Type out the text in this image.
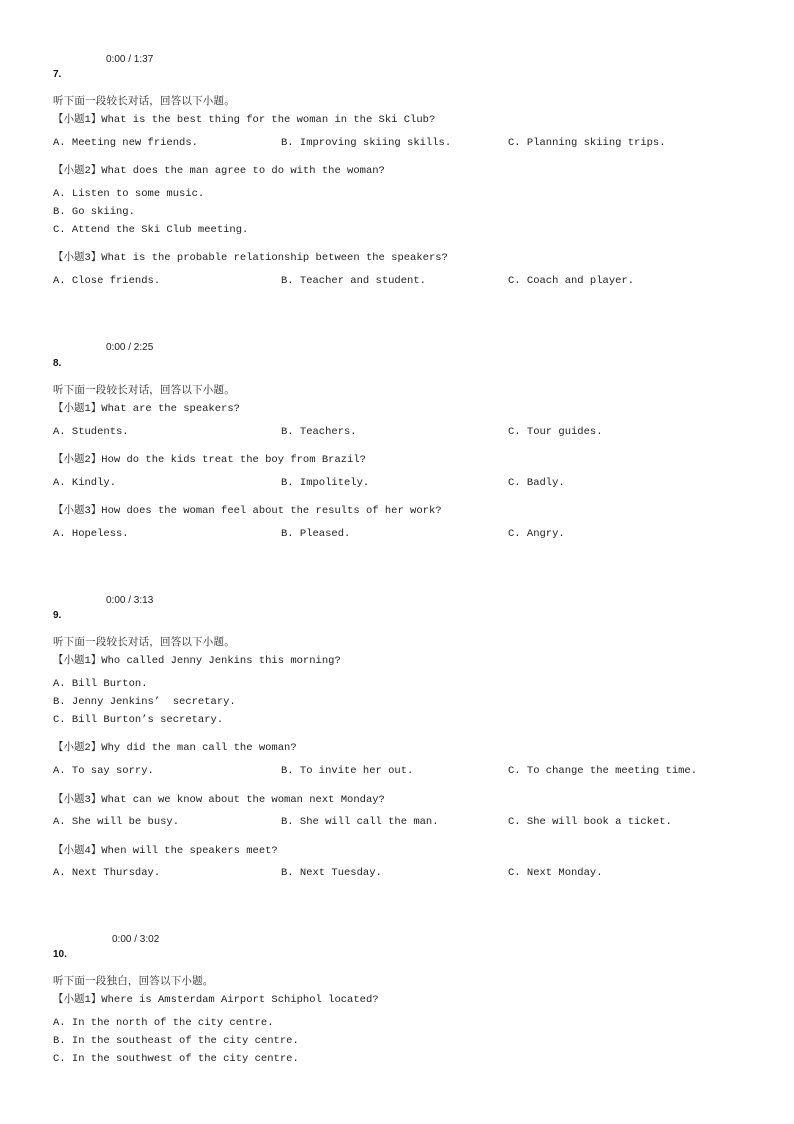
0:00 / 1:37
7.
听下面一段较长对话，回答以下小题。
【小题1】What is the best thing for the woman in the Ski Club?
A. Meeting new friends.	B. Improving skiing skills.	C. Planning skiing trips.
【小题2】What does the man agree to do with the woman?
A. Listen to some music.
B. Go skiing.
C. Attend the Ski Club meeting.
【小题3】What is the probable relationship between the speakers?
A. Close friends.	B. Teacher and student.	C. Coach and player.
0:00 / 2:25
8.
听下面一段较长对话，回答以下小题。
【小题1】What are the speakers?
A. Students.	B. Teachers.	C. Tour guides.
【小题2】How do the kids treat the boy from Brazil?
A. Kindly.	B. Impolitely.	C. Badly.
【小题3】How does the woman feel about the results of her work?
A. Hopeless.	B. Pleased.	C. Angry.
0:00 / 3:13
9.
听下面一段较长对话，回答以下小题。
【小题1】Who called Jenny Jenkins this morning?
A. Bill Burton.
B. Jenny Jenkins’  secretary.
C. Bill Burton’s secretary.
【小题2】Why did the man call the woman?
A. To say sorry.	B. To invite her out.	C. To change the meeting time.
【小题3】What can we know about the woman next Monday?
A. She will be busy.	B. She will call the man.	C. She will book a ticket.
【小题4】When will the speakers meet?
A. Next Thursday.	B. Next Tuesday.	C. Next Monday.
0:00 / 3:02
10.
听下面一段独白，回答以下小题。
【小题1】Where is Amsterdam Airport Schiphol located?
A. In the north of the city centre.
B. In the southeast of the city centre.
C. In the southwest of the city centre.
